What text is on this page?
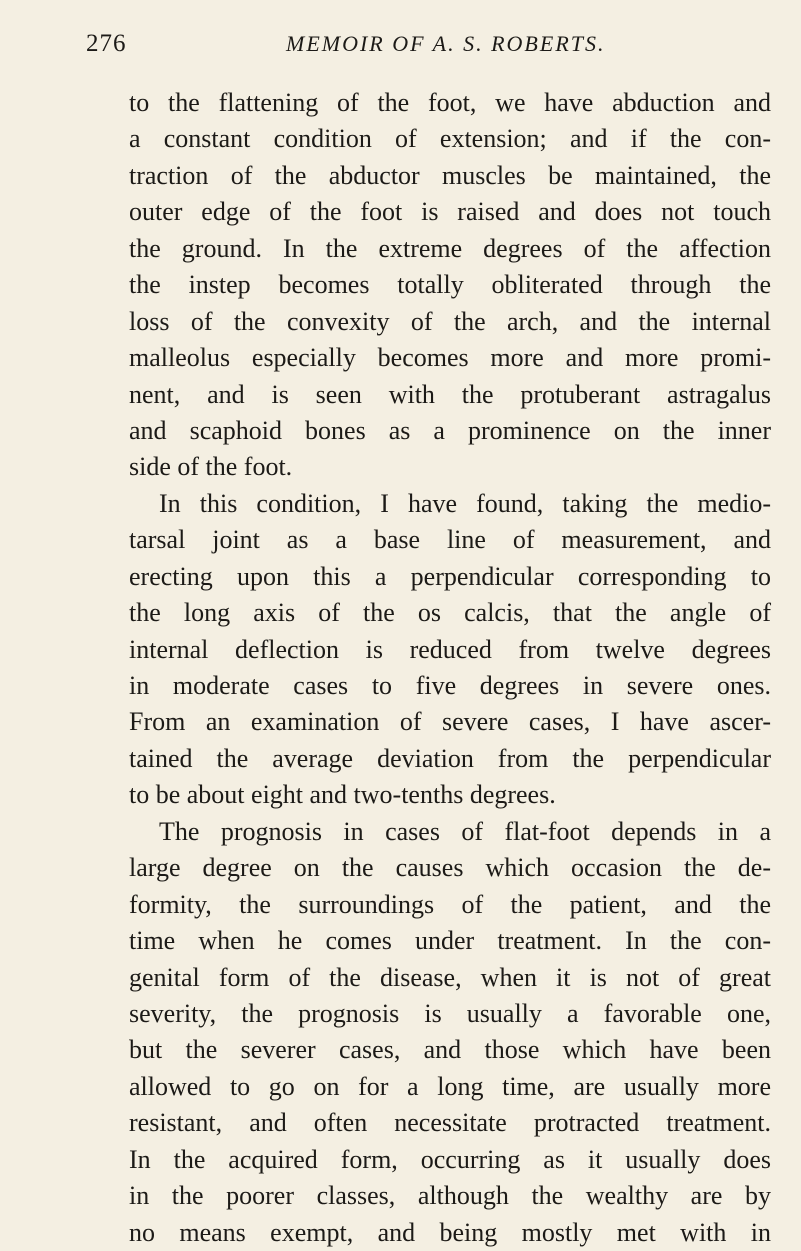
276	MEMOIR OF A. S. ROBERTS.
to the flattening of the foot, we have abduction and
a constant condition of extension; and if the con-
traction of the abductor muscles be maintained, the
outer edge of the foot is raised and does not touch
the ground. In the extreme degrees of the affection
the instep becomes totally obliterated through the
loss of the convexity of the arch, and the internal
malleolus especially becomes more and more promi-
nent, and is seen with the protuberant astragalus
and scaphoid bones as a prominence on the inner
side of the foot.
In this condition, I have found, taking the medio-
tarsal joint as a base line of measurement, and
erecting upon this a perpendicular corresponding to
the long axis of the os calcis, that the angle of
internal deflection is reduced from twelve degrees
in moderate cases to five degrees in severe ones.
From an examination of severe cases, I have ascer-
tained the average deviation from the perpendicular
to be about eight and two-tenths degrees.
The prognosis in cases of flat-foot depends in a
large degree on the causes which occasion the de-
formity, the surroundings of the patient, and the
time when he comes under treatment. In the con-
genital form of the disease, when it is not of great
severity, the prognosis is usually a favorable one,
but the severer cases, and those which have been
allowed to go on for a long time, are usually more
resistant, and often necessitate protracted treatment.
In the acquired form, occurring as it usually does
in the poorer classes, although the wealthy are by
no means exempt, and being mostly met with in
